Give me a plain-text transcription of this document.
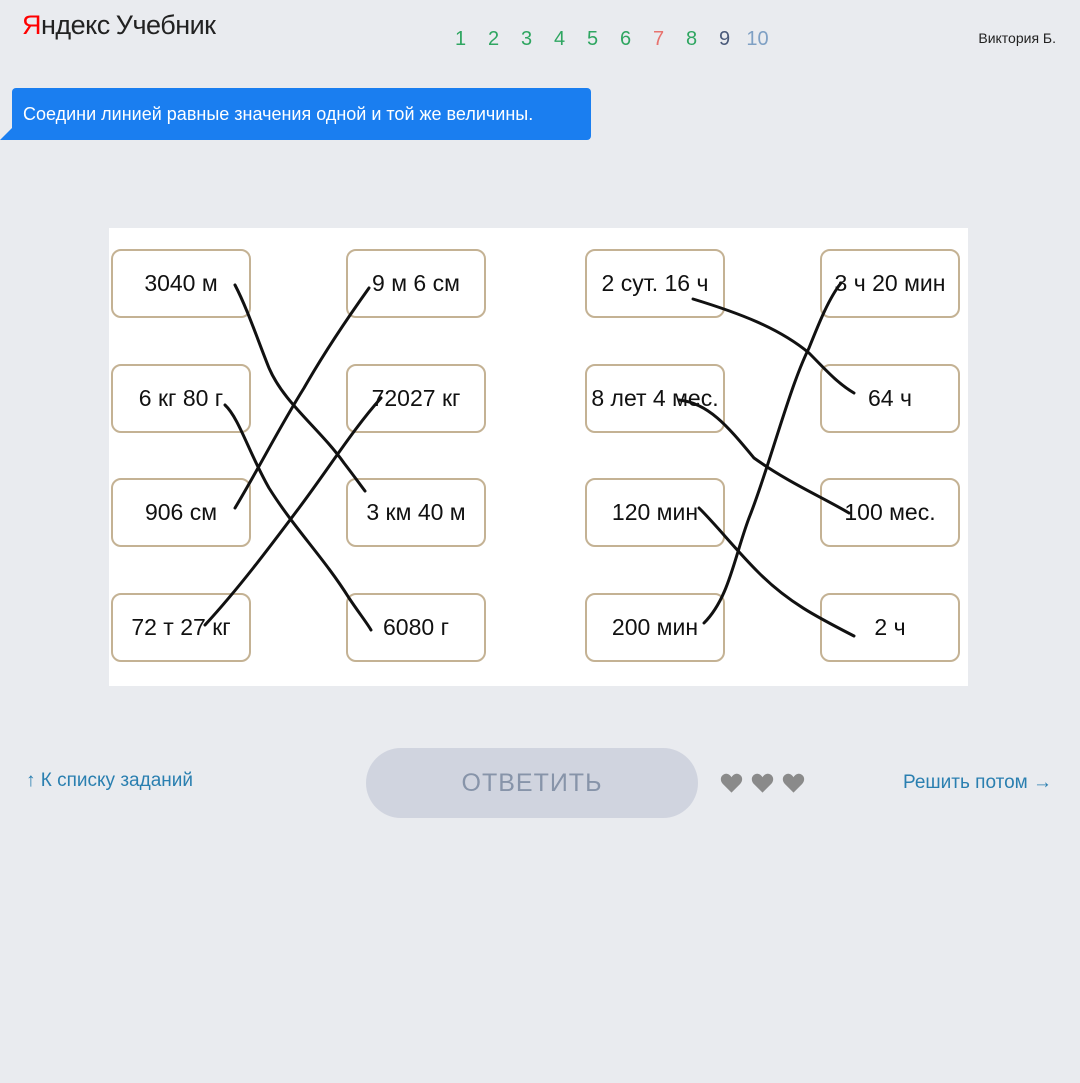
Яндекс Учебник	1	2	3	4	5	6	7	8	9 10	Виктория Б.
Соедини линией равные значения одной и той же величины.
3040 м
6 кг 80 г
906 см
72 т 27 кг
9 м 6 см
72027 кг
3 км 40 м
6080 г
2 сут. 16 ч
8 лет 4 мес.
120 мин
200 мин
3 ч 20 мин
64 ч
100 мес.
2 ч
↑ К списку заданий	ОТВЕТИТЬ	Решить потом →
